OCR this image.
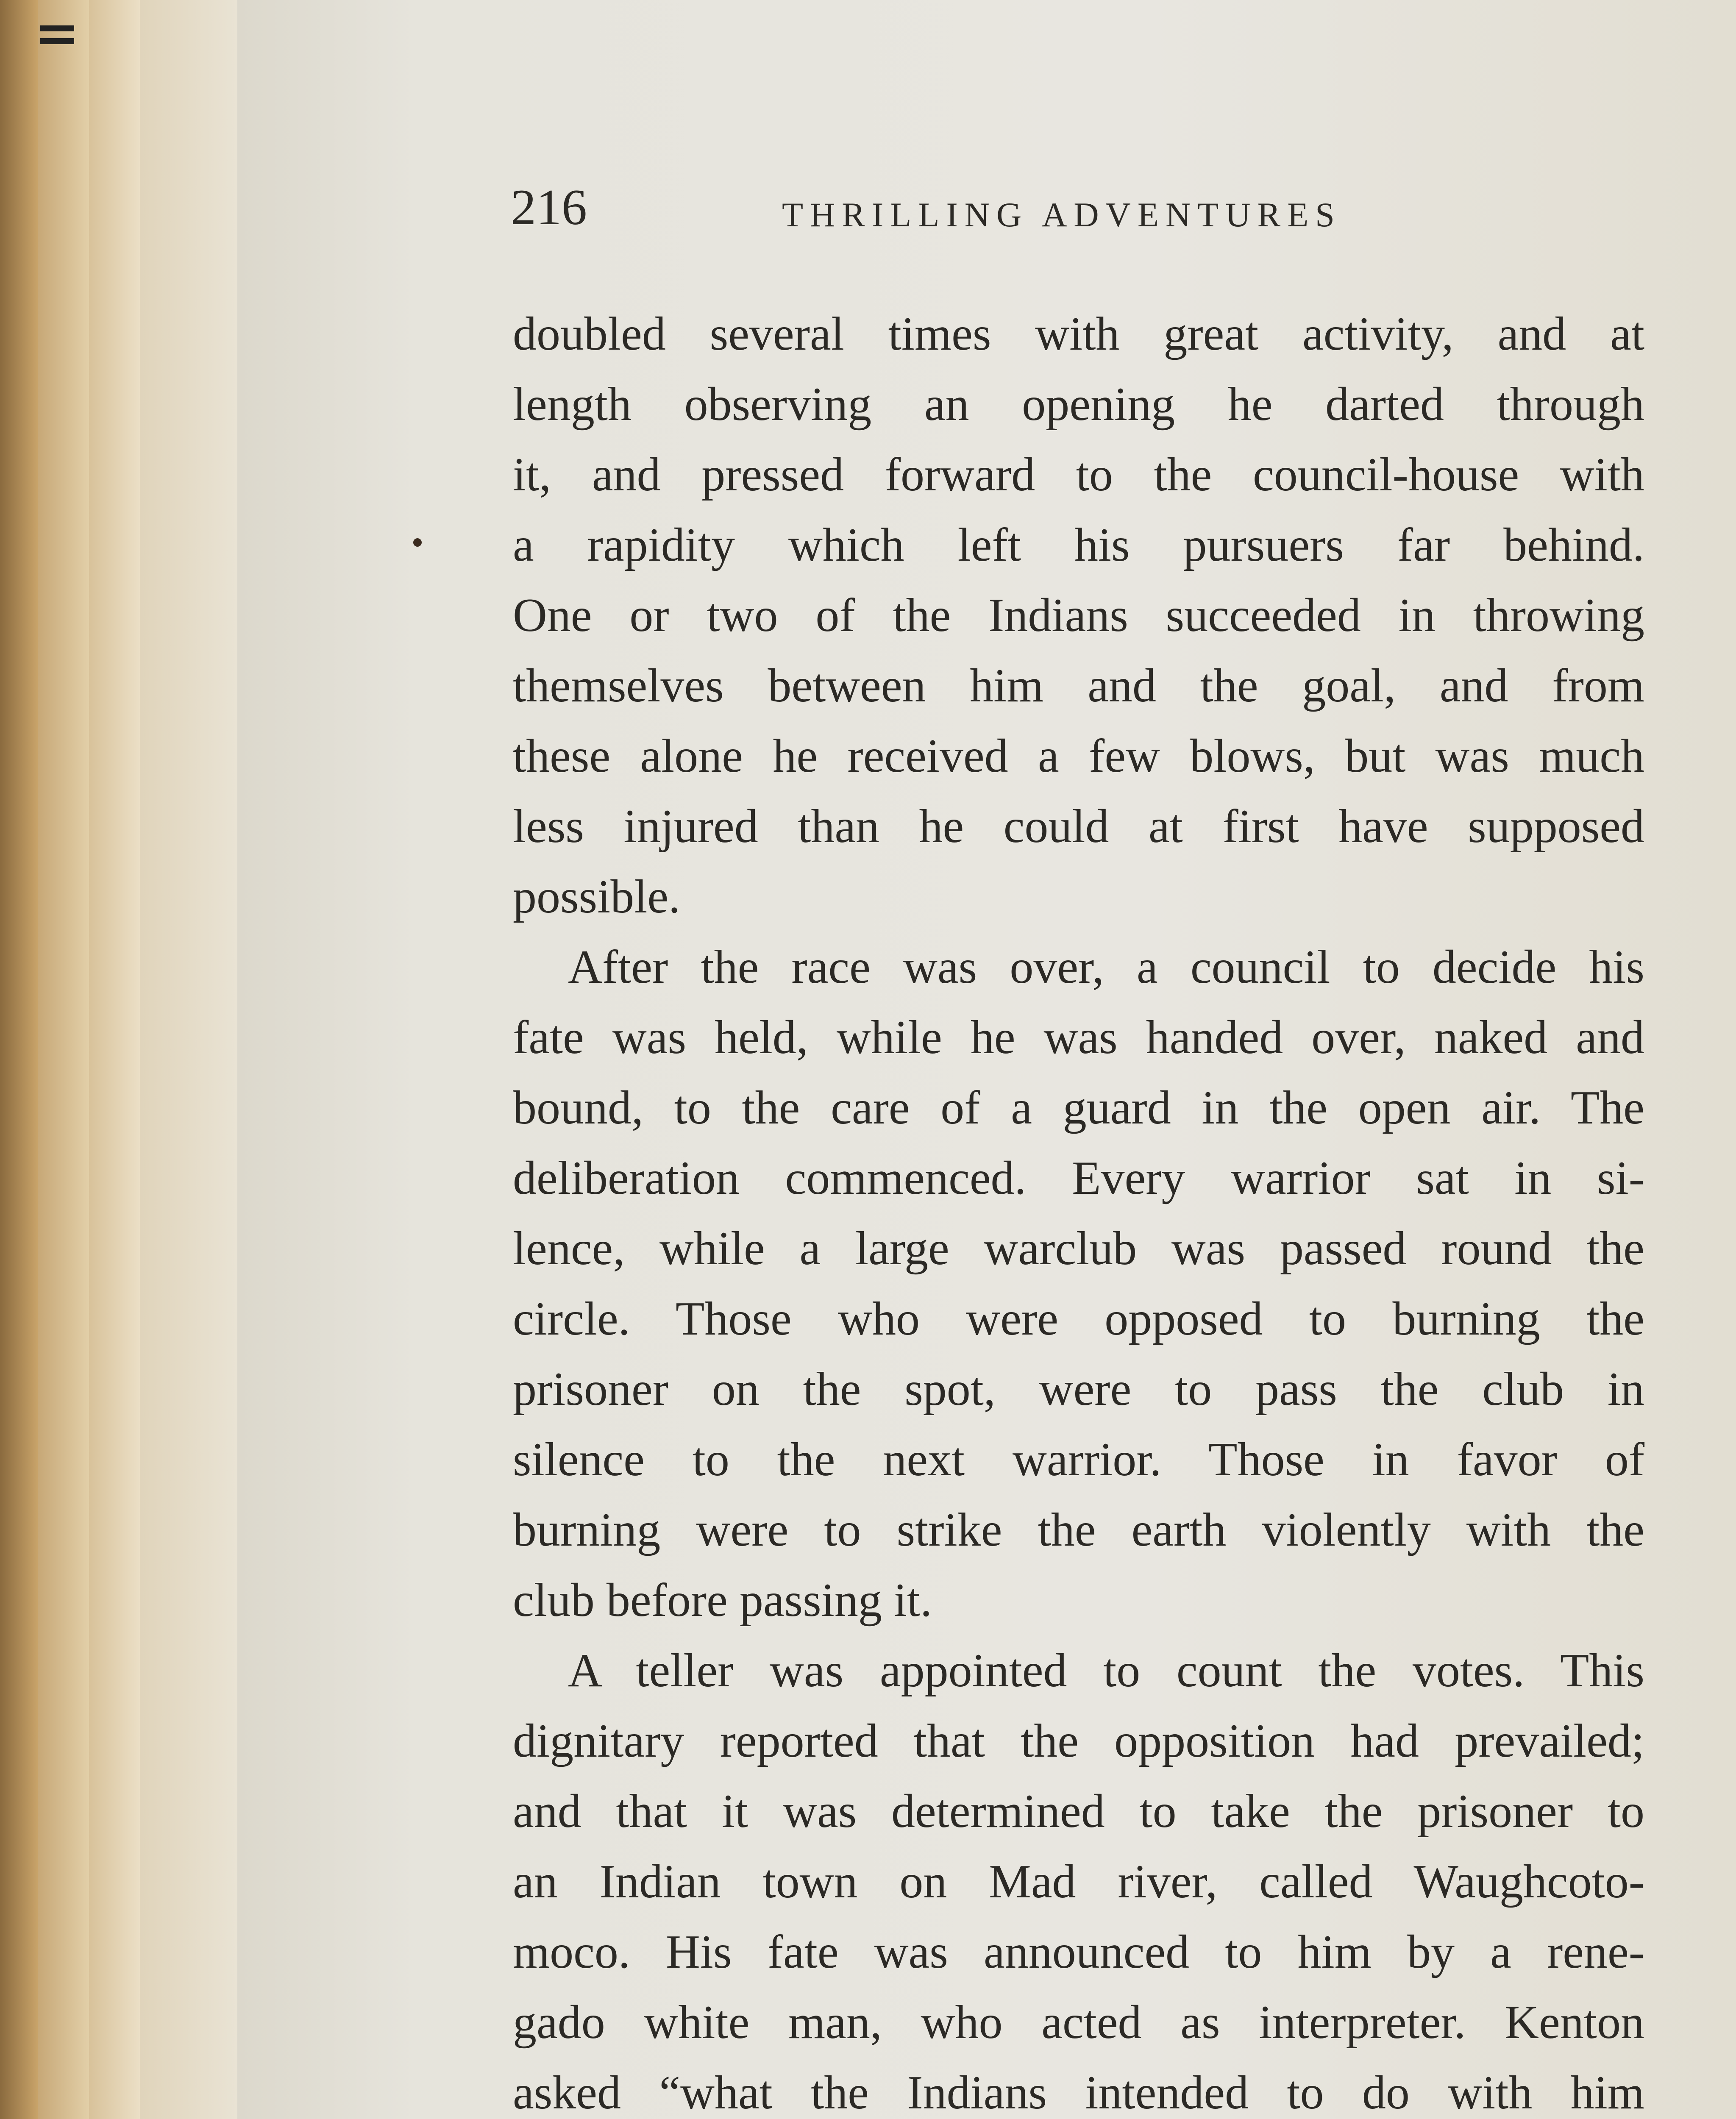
216	THRILLING ADVENTURES
doubled several times with great activity, and at
length observing an opening he darted through
it, and pressed forward to the council-house with
a rapidity which left his pursuers far behind.
One or two of the Indians succeeded in throwing
themselves between him and the goal, and from
these alone he received a few blows, but was much
less injured than he could at first have supposed
possible.
After the race was over, a council to decide his
fate was held, while he was handed over, naked and
bound, to the care of a guard in the open air. The
deliberation commenced. Every warrior sat in si-
lence, while a large warclub was passed round the
circle. Those who were opposed to burning the
prisoner on the spot, were to pass the club in
silence to the next warrior. Those in favor of
burning were to strike the earth violently with the
club before passing it.
A teller was appointed to count the votes. This
dignitary reported that the opposition had prevailed;
and that it was determined to take the prisoner to
an Indian town on Mad river, called Waughcoto-
moco. His fate was announced to him by a rene-
gado white man, who acted as interpreter. Kenton
asked “what the Indians intended to do with him
